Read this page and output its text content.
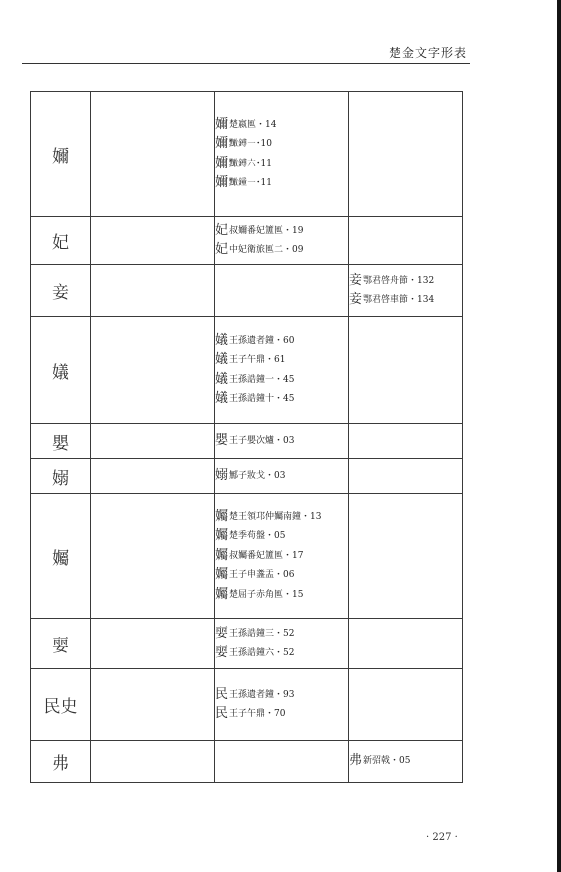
楚金文字形表
嬭		嬭楚嬴匜・14
嬭𪒠鎛一・10
嬭𪒠鎛六・11
嬭𪒠鐘一・11	

妃		妃叔嬭番妃簠匜・19
妃中妃衛旅匜二・09	

妾			妾鄂君啓舟節・132
妾鄂君啓車節・134

嬟		嬟王孫遺者鐘・60
嬟王子午鼎・61
嬟王孫誥鐘一・45
嬟王孫誥鐘十・45	

嬰		嬰王子嬰次爐・03	

嫋		嫋鄦子妝戈・03	

孎		孎楚王領邛仲孎南鐘・13
孎楚季苟盤・05
孎叔孎番妃簠匜・17
孎王子申盞盂・06
孎楚屈子赤角匜・15	

婯		婯王孫誥鐘三・52
婯王孫誥鐘六・52	

民史		民王孫遺者鐘・93
民王子午鼎・70	

弗			弗新弨戟・05
· 227 ·
